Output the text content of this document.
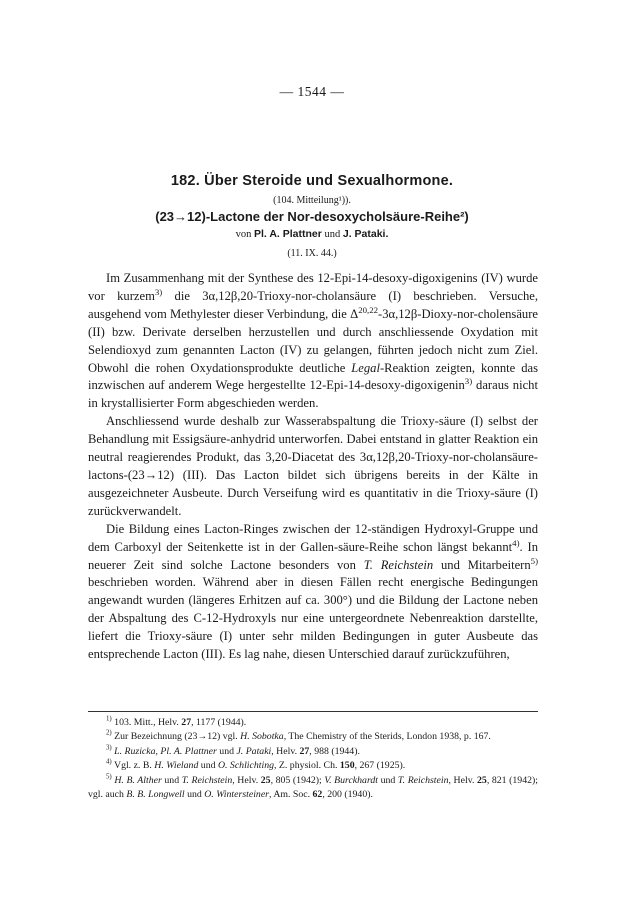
— 1544 —
182. Über Steroide und Sexualhormone.
(104. Mitteilung¹)).
(23→12)-Lactone der Nor-desoxycholsäure-Reihe²)
von Pl. A. Plattner und J. Pataki.
(11. IX. 44.)

Im Zusammenhang mit der Synthese des 12-Epi-14-desoxy-digoxigenins (IV) wurde vor kurzem$^{3)}$ die 3α,12β,20-Trioxy-nor-cholansäure (I) beschrieben. Versuche, ausgehend vom Methylester dieser Verbindung, die Δ$^{20,22}$-3α,12β-Dioxy-nor-cholensäure (II) bzw. Derivate derselben herzustellen und durch anschliessende Oxydation mit Selendioxyd zum genannten Lacton (IV) zu gelangen, führten jedoch nicht zum Ziel. Obwohl die rohen Oxydationsprodukte deutliche Legal-Reaktion zeigten, konnte das inzwischen auf anderem Wege hergestellte 12-Epi-14-desoxy-digoxigenin$^{3)}$ daraus nicht in krystallisierter Form abgeschieden werden.

Anschliessend wurde deshalb zur Wasserabspaltung die Trioxy-säure (I) selbst der Behandlung mit Essigsäure-anhydrid unterworfen. Dabei entstand in glatter Reaktion ein neutral reagierendes Produkt, das 3,20-Diacetat des 3α,12β,20-Trioxy-nor-cholansäure-lactons-(23→12) (III). Das Lacton bildet sich übrigens bereits in der Kälte in ausgezeichneter Ausbeute. Durch Verseifung wird es quantitativ in die Trioxy-säure (I) zurückverwandelt.

Die Bildung eines Lacton-Ringes zwischen der 12-ständigen Hydroxyl-Gruppe und dem Carboxyl der Seitenkette ist in der Gallen-säure-Reihe schon längst bekannt$^{4)}$. In neuerer Zeit sind solche Lactone besonders von T. Reichstein und Mitarbeitern$^{5)}$ beschrieben worden. Während aber in diesen Fällen recht energische Bedingungen angewandt wurden (längeres Erhitzen auf ca. 300°) und die Bildung der Lactone neben der Abspaltung des C-12-Hydroxyls nur eine untergeordnete Nebenreaktion darstellte, liefert die Trioxy-säure (I) unter sehr milden Bedingungen in guter Ausbeute das entsprechende Lacton (III). Es lag nahe, diesen Unterschied darauf zurückzuführen,

$^{1)}$ 103. Mitt., Helv. 27, 1177 (1944).

$^{2)}$ Zur Bezeichnung (23→12) vgl. H. Sobotka, The Chemistry of the Sterids, London 1938, p. 167.

$^{3)}$ L. Ruzicka, Pl. A. Plattner und J. Pataki, Helv. 27, 988 (1944).

$^{4)}$ Vgl. z. B. H. Wieland und O. Schlichting, Z. physiol. Ch. 150, 267 (1925).

$^{5)}$ H. B. Alther und T. Reichstein, Helv. 25, 805 (1942); V. Burckhardt und T. Reichstein, Helv. 25, 821 (1942); vgl. auch B. B. Longwell und O. Wintersteiner, Am. Soc. 62, 200 (1940).
